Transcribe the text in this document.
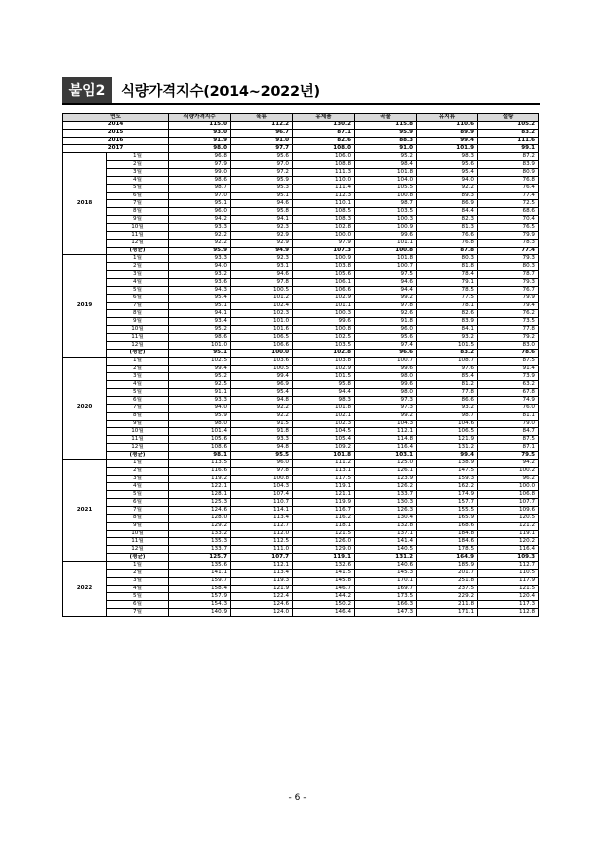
붙임2	식량가격지수(2014~2022년)
연도		식량가격지수	육류	유제품	곡물	유지류	설탕
2014		115.0	112.2	130.2	115.8	110.6	105.2
2015		93.0	96.7	87.1	95.9	89.9	83.2
2016		91.9	91.0	82.6	88.3	99.4	111.6
2017		98.0	97.7	108.0	91.0	101.9	99.1
2018	1월	96.8	95.6	106.0	95.2	98.3	87.2
	2월	97.9	97.0	108.8	98.4	95.6	83.9
	3월	99.0	97.2	111.3	101.8	95.4	80.9
	4월	98.6	95.9	110.0	104.0	94.0	76.8
	5월	98.7	95.3	111.4	105.5	92.2	76.4
	6월	97.0	95.1	112.3	100.8	89.3	77.4
	7월	95.1	94.6	110.1	98.7	86.9	72.5
	8월	96.0	95.8	108.5	103.5	84.4	68.6
	9월	94.2	94.1	108.3	100.3	82.3	70.4
	10월	93.3	92.3	102.8	100.9	81.3	76.5
	11월	92.2	92.9	100.0	99.6	76.6	79.9
	12월	92.2	92.9	97.9	101.1	76.8	78.3
	(평균)	95.9	94.9	107.3	100.8	87.8	77.4
2019	1월	93.3	92.3	100.9	101.8	80.3	79.3
	2월	94.0	93.1	103.8	100.7	81.8	80.3
	3월	93.2	94.6	105.6	97.5	78.4	78.7
	4월	93.6	97.8	106.1	94.6	79.1	79.3
	5월	94.3	100.5	106.6	94.4	78.5	76.7
	6월	95.4	101.2	102.9	99.2	77.5	79.9
	7월	95.1	102.4	101.1	97.8	78.1	79.4
	8월	94.1	102.3	100.3	92.6	82.6	76.2
	9월	93.4	101.0	99.6	91.8	83.9	73.5
	10월	95.2	101.6	100.8	96.0	84.1	77.8
	11월	98.6	106.5	102.5	95.6	93.2	79.2
	12월	101.0	106.6	103.5	97.4	101.5	83.0
	(평균)	95.1	100.0	102.8	96.6	83.2	78.6
2020	1월	102.5	103.6	103.8	100.7	108.7	87.5
	2월	99.4	100.5	102.9	99.6	97.6	91.4
	3월	95.2	99.4	101.5	98.0	85.4	73.9
	4월	92.5	96.9	95.8	99.6	81.2	63.2
	5월	91.1	95.4	94.4	98.0	77.8	67.8
	6월	93.3	94.8	98.3	97.3	86.6	74.9
	7월	94.0	92.2	101.8	97.3	93.2	76.0
	8월	95.9	92.2	102.1	99.2	98.7	81.1
	9월	98.0	91.5	102.3	104.3	104.6	79.0
	10월	101.4	91.8	104.5	112.1	106.5	84.7
	11월	105.6	93.3	105.4	114.8	121.9	87.5
	12월	108.6	94.8	109.2	116.4	131.2	87.1
	(평균)	98.1	95.5	101.8	103.1	99.4	79.5
2021	1월	113.5	96.0	111.2	125.0	138.9	94.2
	2월	116.6	97.8	113.1	126.1	147.5	100.2
	3월	119.2	100.8	117.5	123.9	159.3	96.2
	4월	122.1	104.3	119.1	126.2	162.2	100.0
	5월	128.1	107.4	121.1	133.7	174.9	106.8
	6월	125.3	110.7	119.9	130.3	157.7	107.7
	7월	124.6	114.1	116.7	126.3	155.5	109.6
	8월	128.0	113.4	116.2	130.4	165.9	120.5
	9월	129.2	112.7	118.1	132.8	168.6	121.2
	10월	133.2	112.0	121.5	137.1	184.8	119.1
	11월	135.3	112.5	126.0	141.4	184.6	120.2
	12월	133.7	111.0	129.0	140.5	178.5	116.4
	(평균)	125.7	107.7	119.1	131.2	164.9	109.3
2022	1월	135.6	112.1	132.6	140.6	185.9	112.7
	2월	141.1	113.4	141.5	145.3	201.7	110.5
	3월	159.7	119.3	145.8	170.1	251.8	117.9
	4월	158.4	121.9	146.7	169.7	237.5	121.5
	5월	157.9	122.4	144.2	173.5	229.2	120.4
	6월	154.3	124.6	150.2	166.3	211.8	117.3
	7월	140.9	124.0	146.4	147.3	171.1	112.8
- 6 -
